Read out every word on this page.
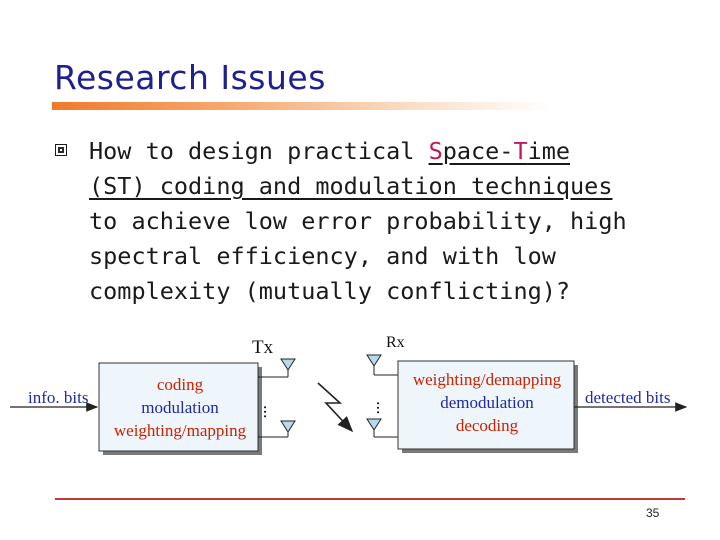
Research Issues
How to design practical Space-Time
(ST) coding and modulation techniques
to achieve low error probability, high
spectral efficiency, and with low
complexity (mutually conflicting)?
Tx	Rx
coding
modulation
weighting/mapping
info. bits
...	...
weighting/demapping
demodulation
decoding
detected bits
35
